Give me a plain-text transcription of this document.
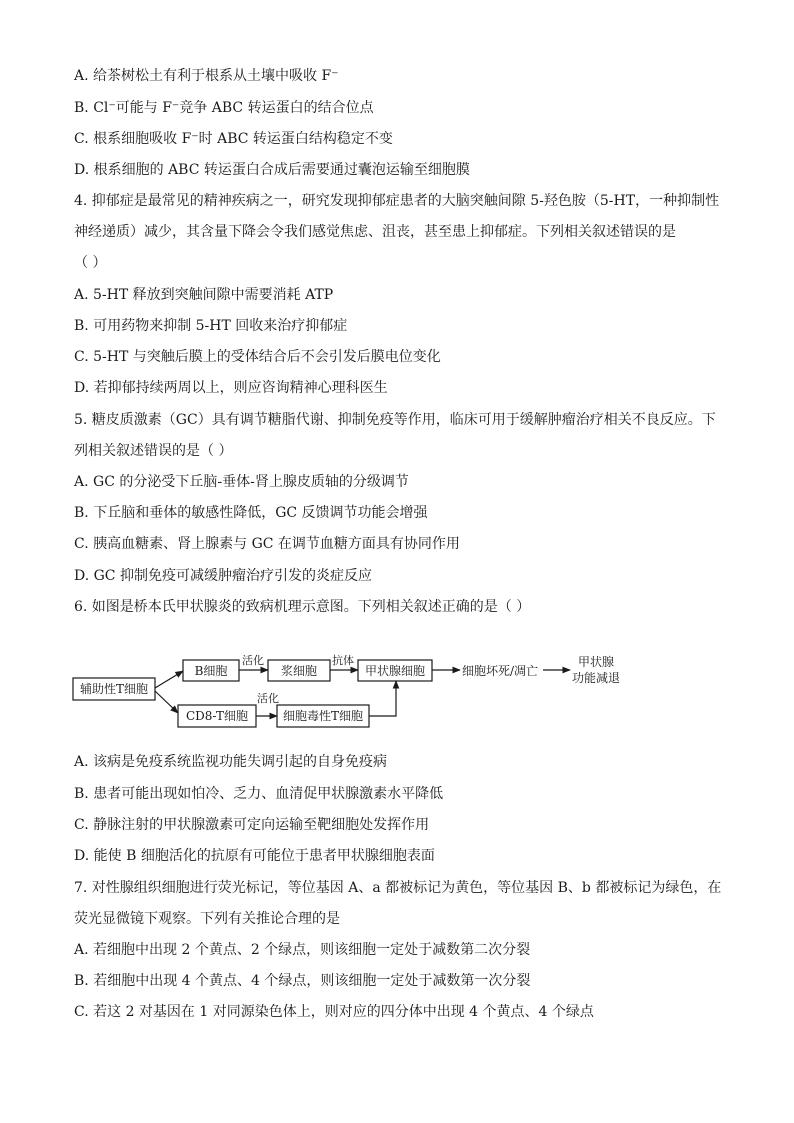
A. 给茶树松土有利于根系从土壤中吸收 F⁻
B. Cl⁻可能与 F⁻竞争 ABC 转运蛋白的结合位点
C. 根系细胞吸收 F⁻时 ABC 转运蛋白结构稳定不变
D. 根系细胞的 ABC 转运蛋白合成后需要通过囊泡运输至细胞膜
4. 抑郁症是最常见的精神疾病之一，研究发现抑郁症患者的大脑突触间隙 5-羟色胺（5-HT，一种抑制性
神经递质）减少，其含量下降会令我们感觉焦虑、沮丧，甚至患上抑郁症。下列相关叙述错误的是
（ ）
A. 5-HT 释放到突触间隙中需要消耗 ATP
B. 可用药物来抑制 5-HT 回收来治疗抑郁症
C. 5-HT 与突触后膜上的受体结合后不会引发后膜电位变化
D. 若抑郁持续两周以上，则应咨询精神心理科医生
5. 糖皮质激素（GC）具有调节糖脂代谢、抑制免疫等作用，临床可用于缓解肿瘤治疗相关不良反应。下
列相关叙述错误的是（ ）
A. GC 的分泌受下丘脑-垂体-肾上腺皮质轴的分级调节
B. 下丘脑和垂体的敏感性降低，GC 反馈调节功能会增强
C. 胰高血糖素、肾上腺素与 GC 在调节血糖方面具有协同作用
D. GC 抑制免疫可减缓肿瘤治疗引发的炎症反应
6. 如图是桥本氏甲状腺炎的致病机理示意图。下列相关叙述正确的是（ ）
辅助性T细胞
B细胞	浆细胞	甲状腺细胞
CD8-T细胞	细胞毒性T细胞
活化	抗体
活化
细胞坏死/凋亡
甲状腺
功能减退
A. 该病是免疫系统监视功能失调引起的自身免疫病
B. 患者可能出现如怕冷、乏力、血清促甲状腺激素水平降低
C. 静脉注射的甲状腺激素可定向运输至靶细胞处发挥作用
D. 能使 B 细胞活化的抗原有可能位于患者甲状腺细胞表面
7. 对性腺组织细胞进行荧光标记，等位基因 A、a 都被标记为黄色，等位基因 B、b 都被标记为绿色，在
荧光显微镜下观察。下列有关推论合理的是
A. 若细胞中出现 2 个黄点、2 个绿点，则该细胞一定处于减数第二次分裂
B. 若细胞中出现 4 个黄点、4 个绿点，则该细胞一定处于减数第一次分裂
C. 若这 2 对基因在 1 对同源染色体上，则对应的四分体中出现 4 个黄点、4 个绿点
